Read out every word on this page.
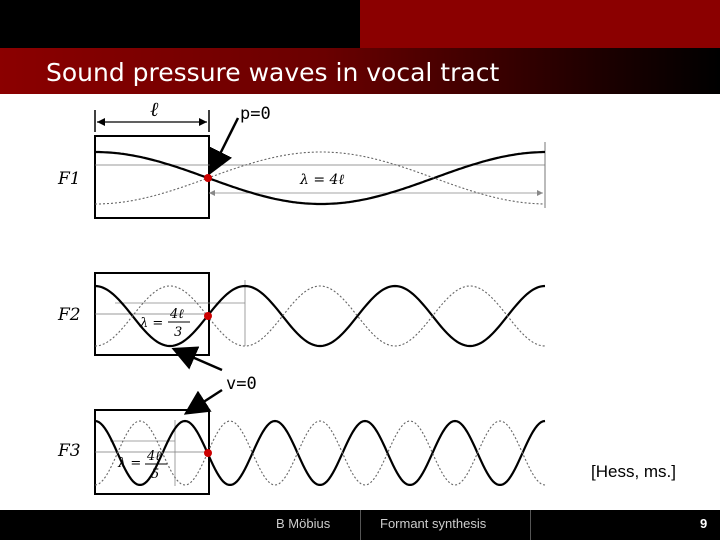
Sound pressure waves in vocal tract
ℓ
F1	λ = 4ℓ
F2	λ =
4ℓ
3
F3
λ = 4ℓ
5
p=0
v=0
[Hess, ms.]
B Möbius	Formant synthesis	9
